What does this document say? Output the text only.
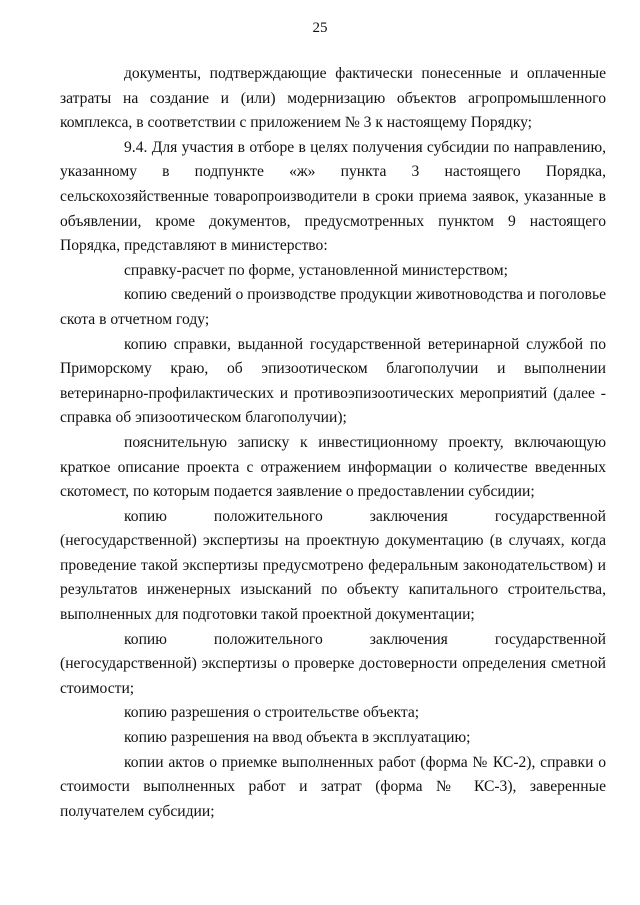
25

документы, подтверждающие фактически понесенные и оплаченные затраты на создание и (или) модернизацию объектов агропромышленного комплекса, в соответствии с приложением № 3 к настоящему Порядку;

9.4. Для участия в отборе в целях получения субсидии по направлению, указанному в подпункте «ж» пункта 3 настоящего Порядка, сельскохозяйственные товаропроизводители в сроки приема заявок, указанные в объявлении, кроме документов, предусмотренных пунктом 9 настоящего Порядка, представляют в министерство:

справку-расчет по форме, установленной министерством;

копию сведений о производстве продукции животноводства и поголовье скота в отчетном году;

копию справки, выданной государственной ветеринарной службой по Приморскому краю, об эпизоотическом благополучии и выполнении ветеринарно-профилактических и противоэпизоотических мероприятий (далее - справка об эпизоотическом благополучии);

пояснительную записку к инвестиционному проекту, включающую краткое описание проекта с отражением информации о количестве введенных скотомест, по которым подается заявление о предоставлении субсидии;

копию положительного заключения государственной (негосударственной) экспертизы на проектную документацию (в случаях, когда проведение такой экспертизы предусмотрено федеральным законодательством) и результатов инженерных изысканий по объекту капитального строительства, выполненных для подготовки такой проектной документации;

копию положительного заключения государственной (негосударственной) экспертизы о проверке достоверности определения сметной стоимости;

копию разрешения о строительстве объекта;

копию разрешения на ввод объекта в эксплуатацию;

копии актов о приемке выполненных работ (форма № КС-2), справки о стоимости выполненных работ и затрат (форма № КС-3), заверенные получателем субсидии;
